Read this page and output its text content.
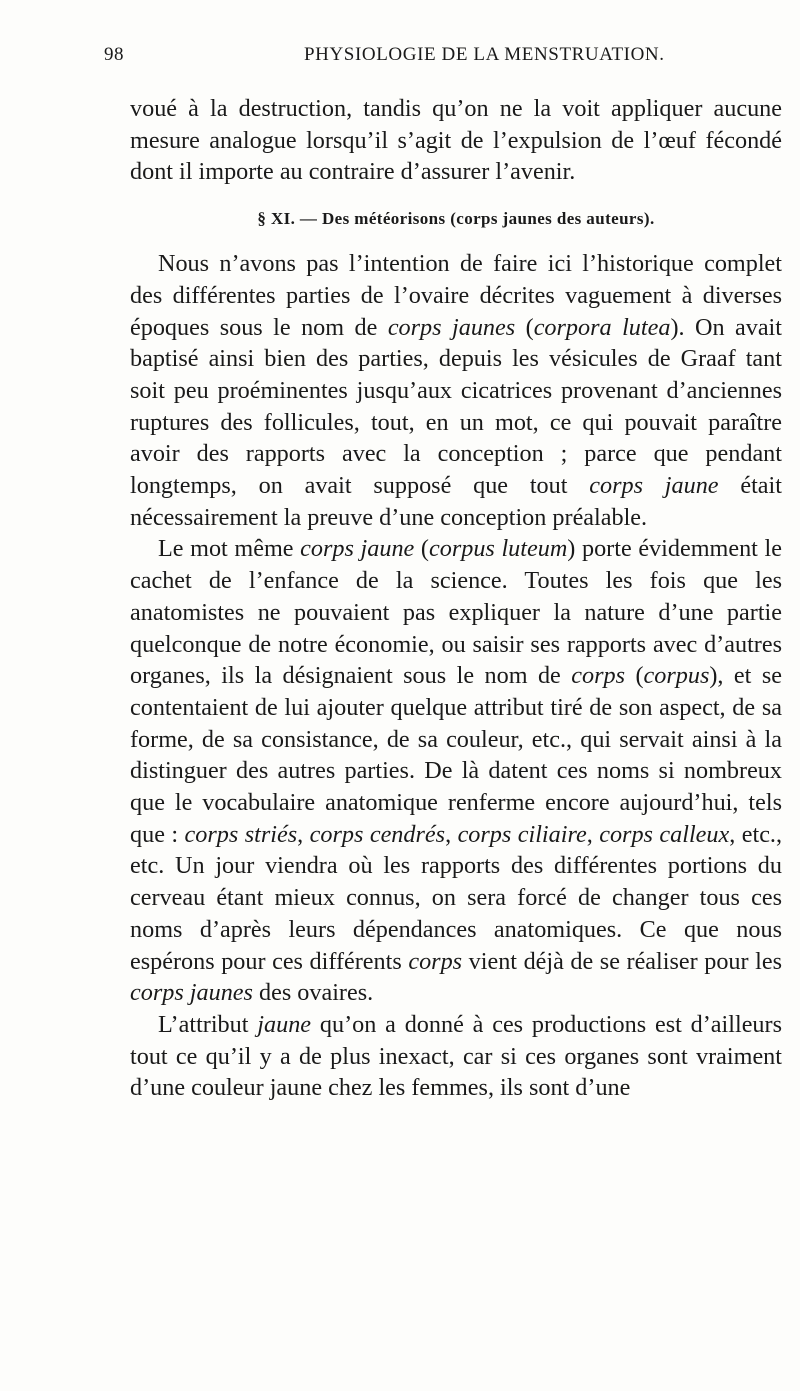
98	PHYSIOLOGIE DE LA MENSTRUATION.

voué à la destruction, tandis qu’on ne la voit appliquer aucune mesure analogue lorsqu’il s’agit de l’expulsion de l’œuf fécondé dont il importe au contraire d’assurer l’avenir.

§ XI. — Des météorisons (corps jaunes des auteurs).

Nous n’avons pas l’intention de faire ici l’historique complet des différentes parties de l’ovaire décrites vaguement à diverses époques sous le nom de corps jaunes (corpora lutea). On avait baptisé ainsi bien des parties, depuis les vésicules de Graaf tant soit peu proéminentes jusqu’aux cicatrices provenant d’anciennes ruptures des follicules, tout, en un mot, ce qui pouvait paraître avoir des rapports avec la conception ; parce que pendant longtemps, on avait supposé que tout corps jaune était nécessairement la preuve d’une conception préalable.

Le mot même corps jaune (corpus luteum) porte évidemment le cachet de l’enfance de la science. Toutes les fois que les anatomistes ne pouvaient pas expliquer la nature d’une partie quelconque de notre économie, ou saisir ses rapports avec d’autres organes, ils la désignaient sous le nom de corps (corpus), et se contentaient de lui ajouter quelque attribut tiré de son aspect, de sa forme, de sa consistance, de sa couleur, etc., qui servait ainsi à la distinguer des autres parties. De là datent ces noms si nombreux que le vocabulaire anatomique renferme encore aujourd’hui, tels que : corps striés, corps cendrés, corps ciliaire, corps calleux, etc., etc. Un jour viendra où les rapports des différentes portions du cerveau étant mieux connus, on sera forcé de changer tous ces noms d’après leurs dépendances anatomiques. Ce que nous espérons pour ces différents corps vient déjà de se réaliser pour les corps jaunes des ovaires.

L’attribut jaune qu’on a donné à ces productions est d’ailleurs tout ce qu’il y a de plus inexact, car si ces organes sont vraiment d’une couleur jaune chez les femmes, ils sont d’une
